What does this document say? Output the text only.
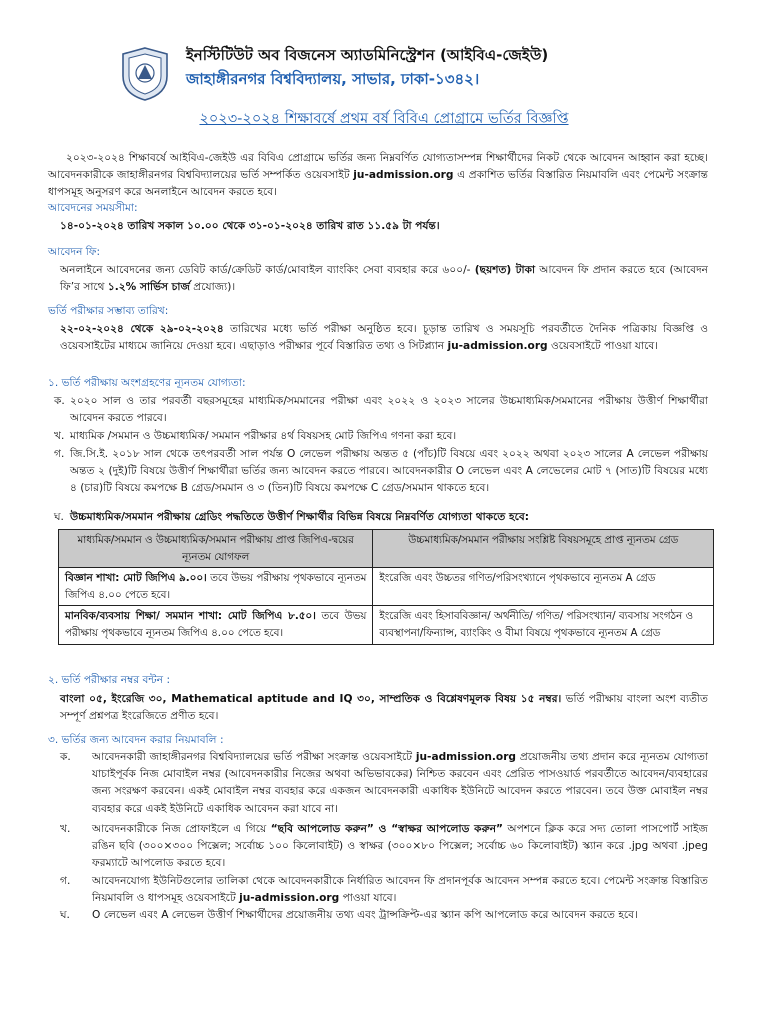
ইনস্টিটিউট অব বিজনেস অ্যাডমিনিস্ট্রেশন (আইবিএ-জেইউ)
জাহাঙ্গীরনগর বিশ্ববিদ্যালয়, সাভার, ঢাকা-১৩৪২।
২০২৩-২০২৪ শিক্ষাবর্ষে প্রথম বর্ষ বিবিএ প্রোগ্রামে ভর্তির বিজ্ঞপ্তি
২০২৩-২০২৪ শিক্ষাবর্ষে আইবিএ-জেইউ এর বিবিএ প্রোগ্রামে ভর্তির জন্য নিম্নবর্ণিত যোগ্যতাসম্পন্ন শিক্ষার্থীদের নিকট থেকে আবেদন আহ্বান করা হচ্ছে। আবেদনকারীকে জাহাঙ্গীরনগর বিশ্ববিদ্যালয়ের ভর্তি সম্পর্কিত ওয়েবসাইট ju-admission.org এ প্রকাশিত ভর্তির বিস্তারিত নিয়মাবলি এবং পেমেন্ট সংক্রান্ত ধাপসমূহ অনুসরণ করে অনলাইনে আবেদন করতে হবে।
আবেদনের সময়সীমা:
১৪-০১-২০২৪ তারিখ সকাল ১০.০০ থেকে ৩১-০১-২০২৪ তারিখ রাত ১১.৫৯ টা পর্যন্ত।
আবেদন ফি:
অনলাইনে আবেদনের জন্য ডেবিট কার্ড/ক্রেডিট কার্ড/মোবাইল ব্যাংকিং সেবা ব্যবহার করে ৬০০/- (ছয়শত) টাকা আবেদন ফি প্রদান করতে হবে (আবেদন ফি’র সাথে ১.২% সার্ভিস চার্জ প্রযোজ্য)।
ভর্তি পরীক্ষার সম্ভাব্য তারিখ:
২২-০২-২০২৪ থেকে ২৯-০২-২০২৪ তারিখের মধ্যে ভর্তি পরীক্ষা অনুষ্ঠিত হবে। চূড়ান্ত তারিখ ও সময়সূচি পরবর্তীতে দৈনিক পত্রিকায় বিজ্ঞপ্তি ও ওয়েবসাইটের মাধ্যমে জানিয়ে দেওয়া হবে। এছাড়াও পরীক্ষার পূর্বে বিস্তারিত তথ্য ও সিটপ্ল্যান ju-admission.org ওয়েবসাইটে পাওয়া যাবে।
১. ভর্তি পরীক্ষায় অংশগ্রহণের ন্যূনতম যোগ্যতা:
ক. ২০২০ সাল ও তার পরবর্তী বছরসমূহের মাধ্যমিক/সমমানের পরীক্ষা এবং ২০২২ ও ২০২৩ সালের উচ্চমাধ্যমিক/সমমানের পরীক্ষায় উত্তীর্ণ শিক্ষার্থীরা আবেদন করতে পারবে।
খ. মাধ্যমিক /সমমান ও উচ্চমাধ্যমিক/ সমমান পরীক্ষার ৪র্থ বিষয়সহ মোট জিপিএ গণনা করা হবে।
গ. জি.সি.ই. ২০১৮ সাল থেকে তৎপরবর্তী সাল পর্যন্ত O লেভেল পরীক্ষায় অন্তত ৫ (পাঁচ)টি বিষয়ে এবং ২০২২ অথবা ২০২৩ সালের A লেভেল পরীক্ষায় অন্তত ২ (দুই)টি বিষয়ে উত্তীর্ণ শিক্ষার্থীরা ভর্তির জন্য আবেদন করতে পারবে। আবেদনকারীর O লেভেল এবং A লেভেলের মোট ৭ (সাত)টি বিষয়ের মধ্যে ৪ (চার)টি বিষয়ে কমপক্ষে B গ্রেড/সমমান ও ৩ (তিন)টি বিষয়ে কমপক্ষে C গ্রেড/সমমান থাকতে হবে।
ঘ. উচ্চমাধ্যমিক/সমমান পরীক্ষায় গ্রেডিং পদ্ধতিতে উত্তীর্ণ শিক্ষার্থীর বিভিন্ন বিষয়ে নিম্নবর্ণিত যোগ্যতা থাকতে হবে:
মাধ্যমিক/সমমান ও উচ্চমাধ্যমিক/সমমান পরীক্ষায় প্রাপ্ত জিপিএ-দ্বয়ের ন্যূনতম যোগফল	উচ্চমাধ্যমিক/সমমান পরীক্ষায় সংশ্লিষ্ট বিষয়সমূহে প্রাপ্ত ন্যূনতম গ্রেড
বিজ্ঞান শাখা: মোট জিপিএ ৯.০০। তবে উভয় পরীক্ষায় পৃথকভাবে ন্যূনতম জিপিএ ৪.০০ পেতে হবে।	ইংরেজি এবং উচ্চতর গণিত/পরিসংখ্যানে পৃথকভাবে ন্যূনতম A গ্রেড
মানবিক/ব্যবসায় শিক্ষা/ সমমান শাখা: মোট জিপিএ ৮.৫০। তবে উভয় পরীক্ষায় পৃথকভাবে ন্যূনতম জিপিএ ৪.০০ পেতে হবে।	ইংরেজি এবং হিসাববিজ্ঞান/ অর্থনীতি/ গণিত/ পরিসংখ্যান/ ব্যবসায় সংগঠন ও ব্যবস্থাপনা/ফিন্যান্স, ব্যাংকিং ও বীমা বিষয়ে পৃথকভাবে ন্যূনতম A গ্রেড
২. ভর্তি পরীক্ষার নম্বর বন্টন :
বাংলা ০৫, ইংরেজি ৩০, Mathematical aptitude and IQ ৩০, সাম্প্রতিক ও বিশ্লেষণমূলক বিষয় ১৫ নম্বর। ভর্তি পরীক্ষায় বাংলা অংশ ব্যতীত সম্পূর্ণ প্রশ্নপত্র ইংরেজিতে প্রণীত হবে।
৩. ভর্তির জন্য আবেদন করার নিয়মাবলি :
ক. আবেদনকারী জাহাঙ্গীরনগর বিশ্ববিদ্যালয়ের ভর্তি পরীক্ষা সংক্রান্ত ওয়েবসাইটে ju-admission.org প্রয়োজনীয় তথ্য প্রদান করে ন্যূনতম যোগ্যতা যাচাইপূর্বক নিজ মোবাইল নম্বর (আবেদনকারীর নিজের অথবা অভিভাবকের) নিশ্চিত করবেন এবং প্রেরিত পাসওয়ার্ড পরবর্তীতে আবেদন/ব্যবহারের জন্য সংরক্ষণ করবেন। একই মোবাইল নম্বর ব্যবহার করে একজন আবেদনকারী একাধিক ইউনিটে আবেদন করতে পারবেন। তবে উক্ত মোবাইল নম্বর ব্যবহার করে একই ইউনিটে একাধিক আবেদন করা যাবে না।
খ. আবেদনকারীকে নিজ প্রোফাইলে এ গিয়ে “ছবি আপলোড করুন” ও “স্বাক্ষর আপলোড করুন” অপশনে ক্লিক করে সদ্য তোলা পাসপোর্ট সাইজ রঙিন ছবি (৩০০×৩০০ পিক্সেল; সর্বোচ্চ ১০০ কিলোবাইট) ও স্বাক্ষর (৩০০×৮০ পিক্সেল; সর্বোচ্চ ৬০ কিলোবাইট) স্ক্যান করে .jpg অথবা .jpeg ফরম্যাটে আপলোড করতে হবে।
গ. আবেদনযোগ্য ইউনিটগুলোর তালিকা থেকে আবেদনকারীকে নির্ধারিত আবেদন ফি প্রদানপূর্বক আবেদন সম্পন্ন করতে হবে। পেমেন্ট সংক্রান্ত বিস্তারিত নিয়মাবলি ও ধাপসমূহ ওয়েবসাইটে ju-admission.org পাওয়া যাবে।
ঘ. O লেভেল এবং A লেভেল উত্তীর্ণ শিক্ষার্থীদের প্রয়োজনীয় তথ্য এবং ট্রান্সক্রিপ্ট-এর স্ক্যান কপি আপলোড করে আবেদন করতে হবে।
